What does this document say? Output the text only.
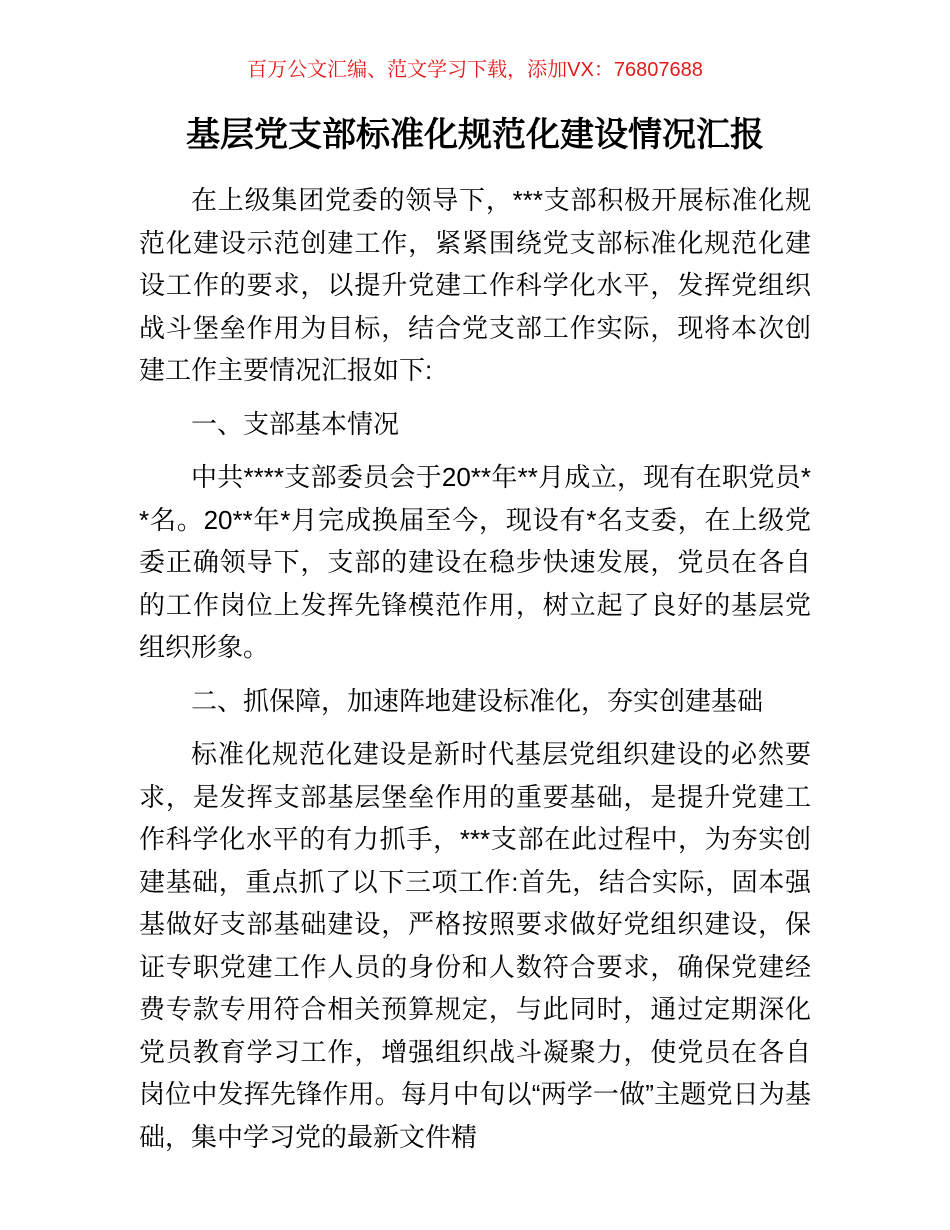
百万公文汇编、范文学习下载，添加VX：76807688
基层党支部标准化规范化建设情况汇报

在上级集团党委的领导下，***支部积极开展标准化规范化建设示范创建工作，紧紧围绕党支部标准化规范化建设工作的要求，以提升党建工作科学化水平，发挥党组织战斗堡垒作用为目标，结合党支部工作实际，现将本次创建工作主要情况汇报如下:

一、支部基本情况

中共****支部委员会于20**年**月成立，现有在职党员**名。20**年*月完成换届至今，现设有*名支委，在上级党委正确领导下，支部的建设在稳步快速发展，党员在各自的工作岗位上发挥先锋模范作用，树立起了良好的基层党组织形象。

二、抓保障，加速阵地建设标准化，夯实创建基础

标准化规范化建设是新时代基层党组织建设的必然要求，是发挥支部基层堡垒作用的重要基础，是提升党建工作科学化水平的有力抓手，***支部在此过程中，为夯实创建基础，重点抓了以下三项工作:首先，结合实际，固本强基做好支部基础建设，严格按照要求做好党组织建设，保证专职党建工作人员的身份和人数符合要求，确保党建经费专款专用符合相关预算规定，与此同时，通过定期深化党员教育学习工作，增强组织战斗凝聚力，使党员在各自岗位中发挥先锋作用。每月中旬以“两学一做”主题党日为基础，集中学习党的最新文件精
